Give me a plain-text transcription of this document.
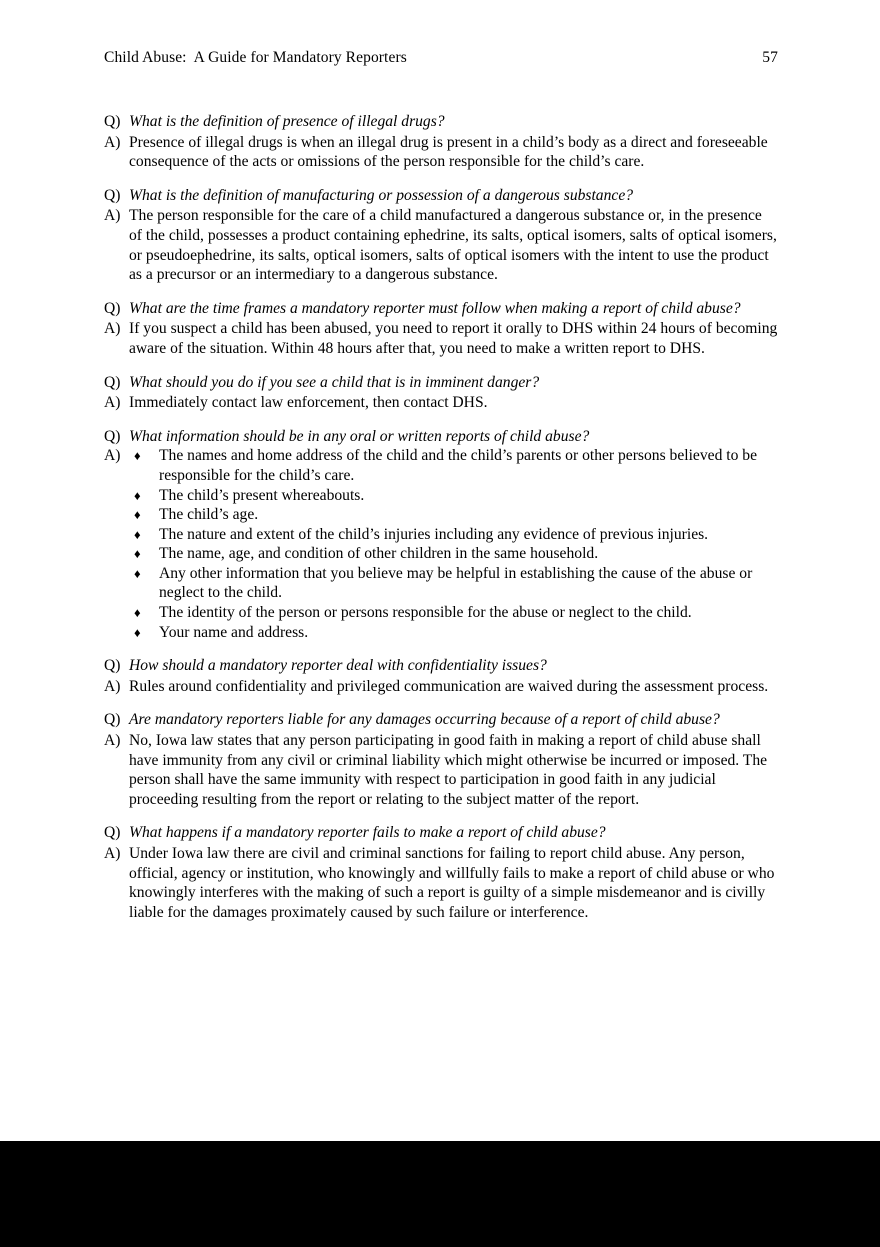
Child Abuse:  A Guide for Mandatory Reporters	57
Q) What is the definition of presence of illegal drugs?
A) Presence of illegal drugs is when an illegal drug is present in a child’s body as a direct and foreseeable consequence of the acts or omissions of the person responsible for the child’s care.
Q) What is the definition of manufacturing or possession of a dangerous substance?
A) The person responsible for the care of a child manufactured a dangerous substance or, in the presence of the child, possesses a product containing ephedrine, its salts, optical isomers, salts of optical isomers, or pseudoephedrine, its salts, optical isomers, salts of optical isomers with the intent to use the product as a precursor or an intermediary to a dangerous substance.
Q) What are the time frames a mandatory reporter must follow when making a report of child abuse?
A) If you suspect a child has been abused, you need to report it orally to DHS within 24 hours of becoming aware of the situation. Within 48 hours after that, you need to make a written report to DHS.
Q) What should you do if you see a child that is in imminent danger?
A) Immediately contact law enforcement, then contact DHS.
Q) What information should be in any oral or written reports of child abuse?
A)	♦	The names and home address of the child and the child’s parents or other persons believed to be responsible for the child’s care.
♦	The child’s present whereabouts.
♦	The child’s age.
♦	The nature and extent of the child’s injuries including any evidence of previous injuries.
♦	The name, age, and condition of other children in the same household.
♦	Any other information that you believe may be helpful in establishing the cause of the abuse or neglect to the child.
♦	The identity of the person or persons responsible for the abuse or neglect to the child.
♦	Your name and address.
Q) How should a mandatory reporter deal with confidentiality issues?
A) Rules around confidentiality and privileged communication are waived during the assessment process.
Q) Are mandatory reporters liable for any damages occurring because of a report of child abuse?
A) No, Iowa law states that any person participating in good faith in making a report of child abuse shall have immunity from any civil or criminal liability which might otherwise be incurred or imposed. The person shall have the same immunity with respect to participation in good faith in any judicial proceeding resulting from the report or relating to the subject matter of the report.
Q) What happens if a mandatory reporter fails to make a report of child abuse?
A) Under Iowa law there are civil and criminal sanctions for failing to report child abuse. Any person, official, agency or institution, who knowingly and willfully fails to make a report of child abuse or who knowingly interferes with the making of such a report is guilty of a simple misdemeanor and is civilly liable for the damages proximately caused by such failure or interference.
